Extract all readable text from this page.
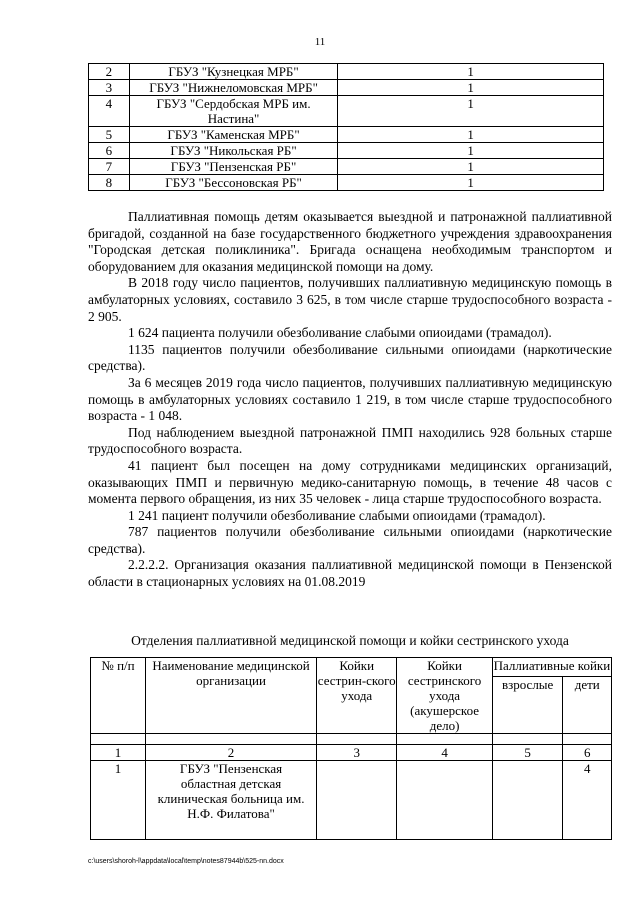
11
2	ГБУЗ "Кузнецкая МРБ"	1
3	ГБУЗ "Нижнеломовская МРБ"	1
4	ГБУЗ "Сердобская МРБ им. Настина"	1
5	ГБУЗ "Каменская МРБ"	1
6	ГБУЗ "Никольская РБ"	1
7	ГБУЗ "Пензенская РБ"	1
8	ГБУЗ "Бессоновская РБ"	1

Паллиативная помощь детям оказывается выездной и патронажной паллиативной бригадой, созданной на базе государственного бюджетного учреждения здравоохранения "Городская детская поликлиника". Бригада оснащена необходимым транспортом и оборудованием для оказания медицинской помощи на дому.

В 2018 году число пациентов, получивших паллиативную медицинскую помощь в амбулаторных условиях, составило 3 625, в том числе старше трудоспособного возраста - 2 905.

1 624 пациента получили обезболивание слабыми опиоидами (трамадол).

1135 пациентов получили обезболивание сильными опиоидами (наркотические средства).

За 6 месяцев 2019 года число пациентов, получивших паллиативную медицинскую помощь в амбулаторных условиях составило 1 219, в том числе старше трудоспособного возраста - 1 048.

Под наблюдением выездной патронажной ПМП находились 928 больных старше трудоспособного возраста.

41 пациент был посещен на дому сотрудниками медицинских организаций, оказывающих ПМП и первичную медико-санитарную помощь, в течение 48 часов с момента первого обращения, из них 35 человек - лица старше трудоспособного возраста.

1 241 пациент получили обезболивание слабыми опиоидами (трамадол).

787 пациентов получили обезболивание сильными опиоидами (наркотические средства).

2.2.2.2. Организация оказания паллиативной медицинской помощи в Пензенской области в стационарных условиях на 01.08.2019

Отделения паллиативной медицинской помощи и койки сестринского ухода
№ п/п	Наименование медицинской организации	Койки сестрин-ского ухода	Койки сестринского ухода (акушерское дело)	Паллиативные койки	
				взрослые	дети

1	2	3	4	5	6
1	ГБУЗ "Пензенская областная детская клиническая больница им. Н.Ф. Филатова"				4
c:\users\shoroh-l\appdata\local\temp\notes87944b\525-nn.docx
